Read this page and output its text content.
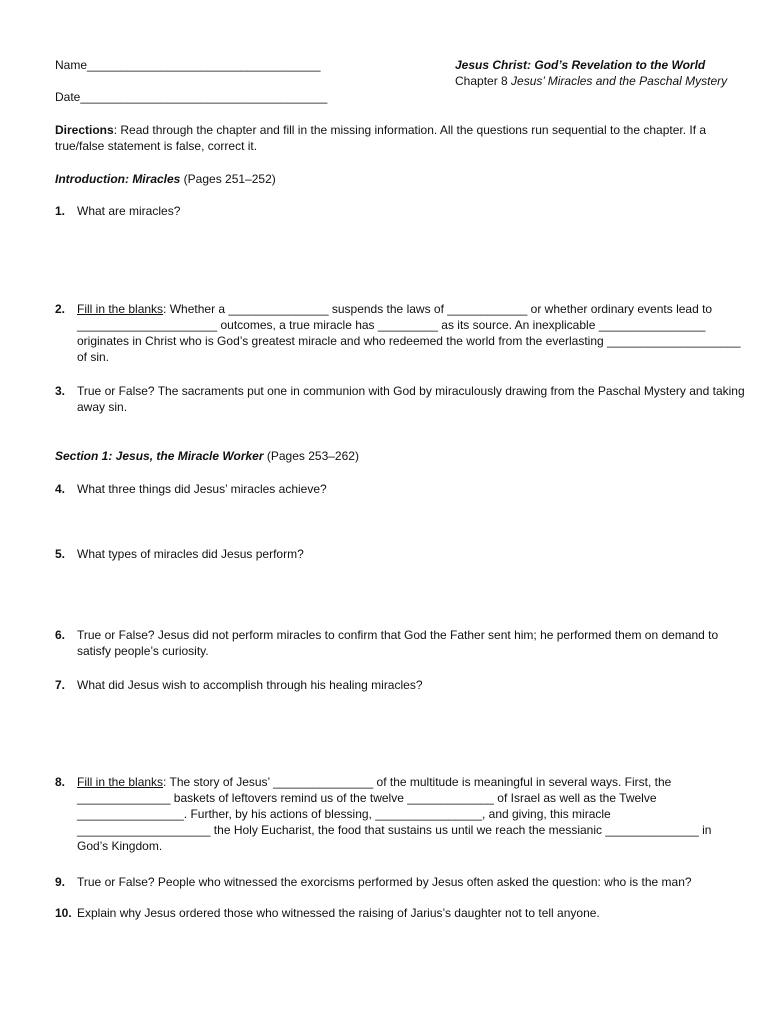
Name___________________________________
Date_____________________________________
Jesus Christ: God’s Revelation to the World
Chapter 8 Jesus’ Miracles and the Paschal Mystery
Directions: Read through the chapter and fill in the missing information. All the questions run sequential to the chapter. If a
true/false statement is false, correct it.
Introduction: Miracles (Pages 251–252)
1. What are miracles?
2. Fill in the blanks: Whether a _______________ suspends the laws of ____________ or whether ordinary events lead to
_____________________ outcomes, a true miracle has _________ as its source. An inexplicable ________________
originates in Christ who is God’s greatest miracle and who redeemed the world from the everlasting ____________________
of sin.
3. True or False? The sacraments put one in communion with God by miraculously drawing from the Paschal Mystery and taking
away sin.
Section 1: Jesus, the Miracle Worker (Pages 253–262)
4. What three things did Jesus’ miracles achieve?
5. What types of miracles did Jesus perform?
6. True or False? Jesus did not perform miracles to confirm that God the Father sent him; he performed them on demand to
satisfy people’s curiosity.
7. What did Jesus wish to accomplish through his healing miracles?
8. Fill in the blanks: The story of Jesus’ _______________ of the multitude is meaningful in several ways. First, the
______________ baskets of leftovers remind us of the twelve _____________ of Israel as well as the Twelve
________________. Further, by his actions of blessing, ________________, and giving, this miracle
____________________ the Holy Eucharist, the food that sustains us until we reach the messianic ______________ in
God’s Kingdom.
9. True or False? People who witnessed the exorcisms performed by Jesus often asked the question: who is the man?
10. Explain why Jesus ordered those who witnessed the raising of Jarius’s daughter not to tell anyone.
